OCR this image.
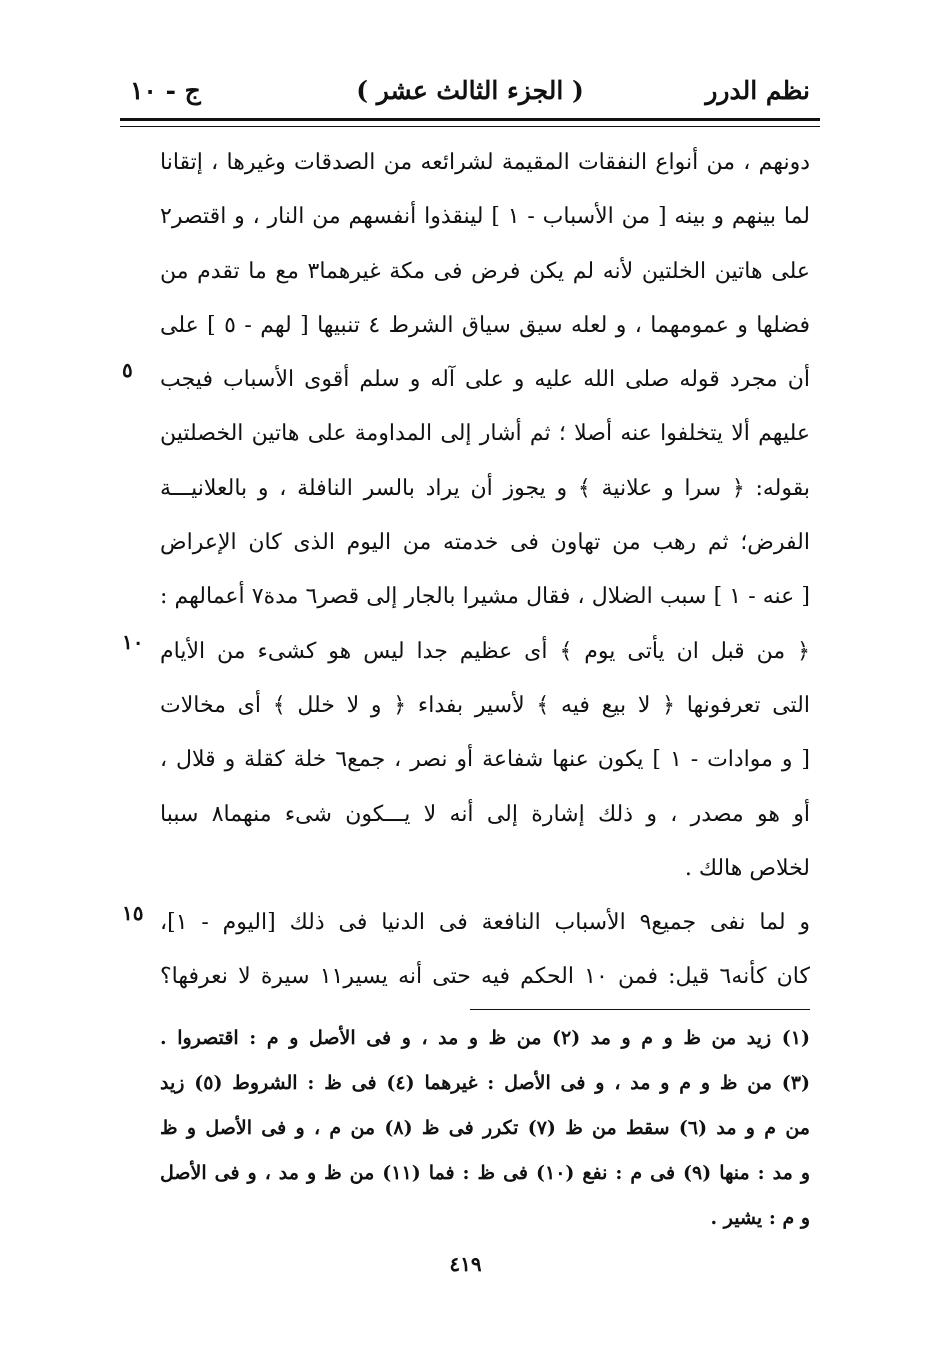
نظم الدرر
( الجزء الثالث عشر )
ج - ١٠
دونهم ، من أنواع النفقات المقيمة لشرائعه من الصدقات وغيرها ، إتقانا
لما بينهم و بينه [ من الأسباب - ١ ] لينقذوا أنفسهم من النار ، و اقتصر٢
على هاتين الخلتين لأنه لم يكن فرض فى مكة غيرهما٣ مع ما تقدم من
فضلها و عمومهما ، و لعله سيق سياق الشرط ٤ تنبيها [ لهم - ٥ ] على
أن مجرد قوله صلى الله عليه و على آله و سلم أقوى الأسباب فيجب
عليهم ألا يتخلفوا عنه أصلا ؛ ثم أشار إلى المداومة على هاتين الخصلتين
بقوله: ﴿ سرا و علانية ﴾ و يجوز أن يراد بالسر النافلة ، و بالعلانيـــة
الفرض؛ ثم رهب من تهاون فى خدمته من اليوم الذى كان الإعراض
[ عنه - ١ ] سبب الضلال ، فقال مشيرا بالجار إلى قصر٦ مدة٧ أعمالهم :
﴿ من قبل ان يأتى يوم ﴾ أى عظيم جدا ليس هو كشىء من الأيام
التى تعرفونها ﴿ لا بيع فيه ﴾ لأسير بفداء ﴿ و لا خلل ﴾ أى مخالات
[ و موادات - ١ ] يكون عنها شفاعة أو نصر ، جمع٦ خلة كقلة و قلال ،
أو هو مصدر ، و ذلك إشارة إلى أنه لا يـــكون شىء منهما٨ سببا
لخلاص هالك .
و لما نفى جميع٩ الأسباب النافعة فى الدنيا فى ذلك [اليوم - ١]،
كان كأنه٦ قيل: فمن ١٠ الحكم فيه حتى أنه يسير١١ سيرة لا نعرفها؟
٥
١٠
١٥
(١) زيد من ظ و م و مد (٢) من ظ و مد ، و فى الأصل و م : اقتصروا .
(٣) من ظ و م و مد ، و فى الأصل : غيرهما (٤) فى ظ : الشروط (٥) زيد
من م و مد (٦) سقط من ظ (٧) تكرر فى ظ (٨) من م ، و فى الأصل و ظ
و مد : منها (٩) فى م : نفع (١٠) فى ظ : فما (١١) من ظ و مد ، و فى الأصل
و م : يشير .
٤١٩
